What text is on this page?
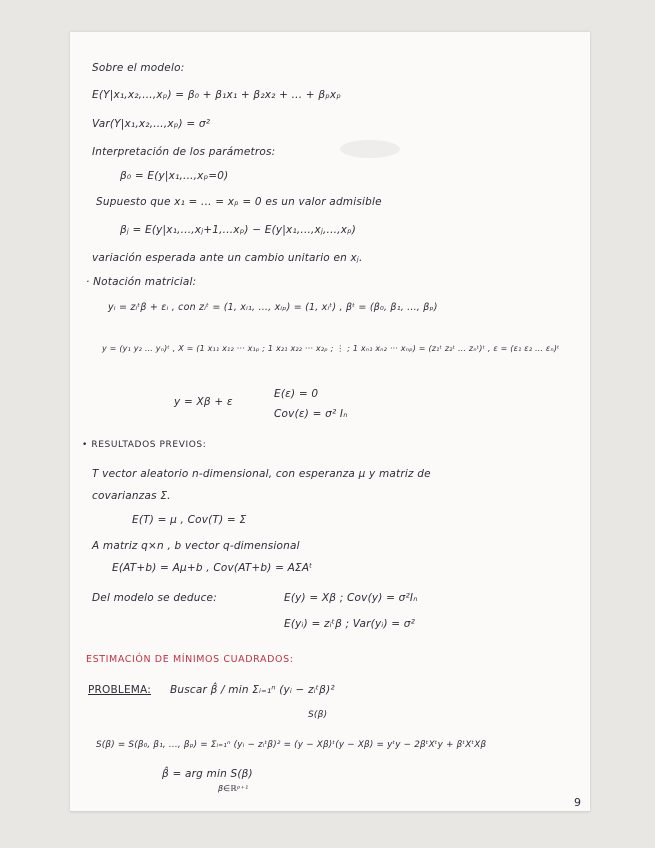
Sobre el modelo:
E(Y|x₁,x₂,...,xₚ) = β₀ + β₁x₁ + β₂x₂ + ... + βₚxₚ
Var(Y|x₁,x₂,...,xₚ) = σ²
Interpretación de los parámetros:
β₀ = E(y|x₁,...,xₚ=0)
Supuesto que x₁ = ... = xₚ = 0 es un valor admisible
βⱼ = E(y|x₁,...,xⱼ+1,...xₚ) − E(y|x₁,...,xⱼ,...,xₚ)
variación esperada ante un cambio unitario en xⱼ.
· Notación matricial:
yᵢ = zᵢᵗβ + εᵢ , con zᵢᵗ = (1, xᵢ₁, ..., xᵢₚ) = (1, xᵢᵗ) , βᵗ = (β₀, β₁, ..., βₚ)
y = (y₁ y₂ … yₙ)ᵗ , X = (1 x₁₁ x₁₂ ··· x₁ₚ ; 1 x₂₁ x₂₂ ··· x₂ₚ ; ⋮ ; 1 xₙ₁ xₙ₂ ··· xₙₚ) = (z₁ᵗ z₂ᵗ … zₙᵗ)ᵗ , ε = (ε₁ ε₂ … εₙ)ᵗ
y = Xβ + ε
E(ε) = 0
Cov(ε) = σ² Iₙ
• RESULTADOS PREVIOS:
T vector aleatorio n-dimensional, con esperanza μ y matriz de
covarianzas Σ.
E(T) = μ , Cov(T) = Σ
A matriz q×n , b vector q-dimensional
E(AT+b) = Aμ+b , Cov(AT+b) = AΣAᵗ
Del modelo se deduce:	E(y) = Xβ ; Cov(y) = σ²Iₙ
E(yᵢ) = zᵢᵗβ ; Var(yᵢ) = σ²
ESTIMACIÓN DE MÍNIMOS CUADRADOS:
PROBLEMA: Buscar β̂ / min Σᵢ₌₁ⁿ (yᵢ − zᵢᵗβ)²
S(β)
S(β) = S(β₀, β₁, ..., βₚ) = Σᵢ₌₁ⁿ (yᵢ − zᵢᵗβ)² = (y − Xβ)ᵗ(y − Xβ) = yᵗy − 2βᵗXᵗy + βᵗXᵗXβ
β̂ = arg min S(β)
β∈ℝᵖ⁺¹
9
